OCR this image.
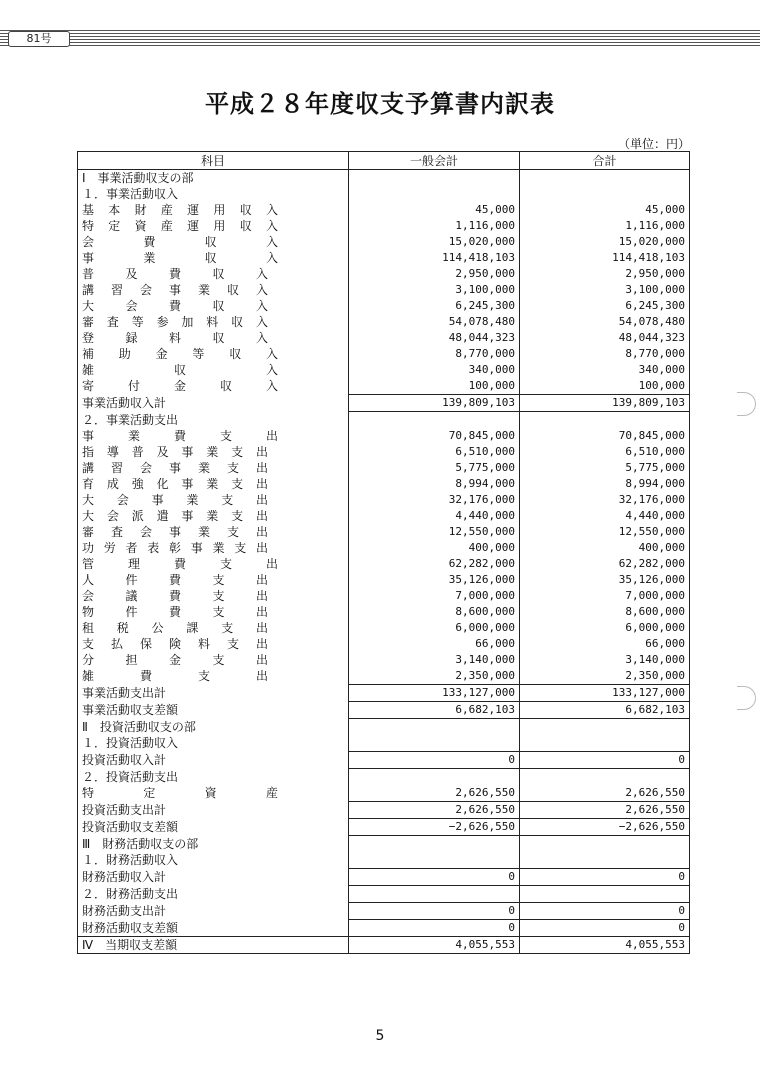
81号
平成２８年度収支予算書内訳表
（単位：円）
科目	一般会計	合計
Ⅰ　事業活動収支の部		
１．事業活動収入		
基本財産運用収入	45,000	45,000
特定資産運用収入	1,116,000	1,116,000
会費収入	15,020,000	15,020,000
事業収入	114,418,103	114,418,103
普及費収入	2,950,000	2,950,000
講習会事業収入	3,100,000	3,100,000
大会費収入	6,245,300	6,245,300
審査等参加料収入	54,078,480	54,078,480
登録料収入	48,044,323	48,044,323
補助金等収入	8,770,000	8,770,000
雑収入	340,000	340,000
寄付金収入	100,000	100,000
事業活動収入計	139,809,103	139,809,103
２．事業活動支出		
事業費支出	70,845,000	70,845,000
指導普及事業支出	6,510,000	6,510,000
講習会事業支出	5,775,000	5,775,000
育成強化事業支出	8,994,000	8,994,000
大会事業支出	32,176,000	32,176,000
大会派遣事業支出	4,440,000	4,440,000
審査会事業支出	12,550,000	12,550,000
功労者表彰事業支出	400,000	400,000
管理費支出	62,282,000	62,282,000
人件費支出	35,126,000	35,126,000
会議費支出	7,000,000	7,000,000
物件費支出	8,600,000	8,600,000
租税公課支出	6,000,000	6,000,000
支払保険料支出	66,000	66,000
分担金支出	3,140,000	3,140,000
雑費支出	2,350,000	2,350,000
事業活動支出計	133,127,000	133,127,000
事業活動収支差額	6,682,103	6,682,103
Ⅱ　投資活動収支の部		
１．投資活動収入		
投資活動収入計	0	0
２．投資活動支出		
特定資産	2,626,550	2,626,550
投資活動支出計	2,626,550	2,626,550
投資活動収支差額	−2,626,550	−2,626,550
Ⅲ　財務活動収支の部		
１．財務活動収入		
財務活動収入計	0	0
２．財務活動支出		
財務活動支出計	0	0
財務活動収支差額	0	0
Ⅳ　当期収支差額	4,055,553	4,055,553
5
